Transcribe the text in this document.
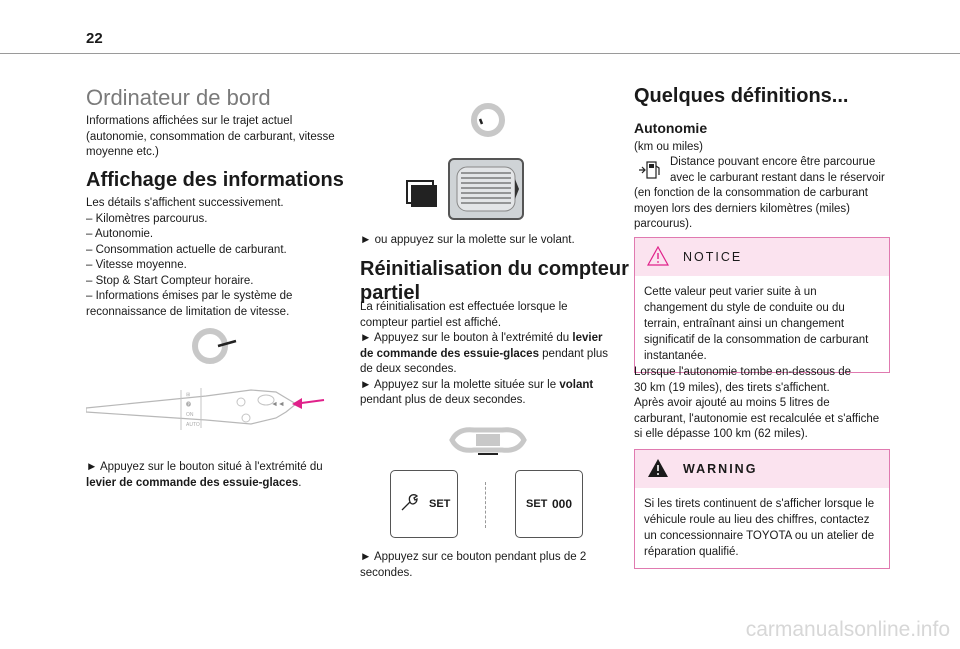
22
Ordinateur de bord
Informations affichées sur le trajet actuel
(autonomie, consommation de carburant, vitesse
moyenne etc.)
Affichage des informations
Les détails s'affichent successivement.
– Kilomètres parcourus.
– Autonomie.
– Consommation actuelle de carburant.
– Vitesse moyenne.
– Stop & Start Compteur horaire.
– Informations émises par le système de
reconnaissance de limitation de vitesse.
⊞
🅟
ON
AUTO
◄◄
► Appuyez sur le bouton situé à l'extrémité du
levier de commande des essuie-glaces.
► ou appuyez sur la molette sur le volant.
Réinitialisation du compteur
partiel
La réinitialisation est effectuée lorsque le
compteur partiel est affiché.
► Appuyez sur le bouton à l'extrémité du levier
de commande des essuie-glaces pendant plus
de deux secondes.
► Appuyez sur la molette située sur le volant
pendant plus de deux secondes.
SET	SET 000
► Appuyez sur ce bouton pendant plus de 2
secondes.
Quelques définitions...
Autonomie
(km ou miles)
Distance pouvant encore être parcourue
avec le carburant restant dans le réservoir
(en fonction de la consommation de carburant
moyen lors des derniers kilomètres (miles)
parcourus).
NOTICE
Cette valeur peut varier suite à un
changement du style de conduite ou du
terrain, entraînant ainsi un changement
significatif de la consommation de carburant
instantanée.
Lorsque l'autonomie tombe en-dessous de
30 km (19 miles), des tirets s'affichent.
Après avoir ajouté au moins 5 litres de
carburant, l'autonomie est recalculée et s'affiche
si elle dépasse 100 km (62 miles).
WARNING
Si les tirets continuent de s'afficher lorsque le
véhicule roule au lieu des chiffres, contactez
un concessionnaire TOYOTA ou un atelier de
réparation qualifié.
carmanualsonline.info
